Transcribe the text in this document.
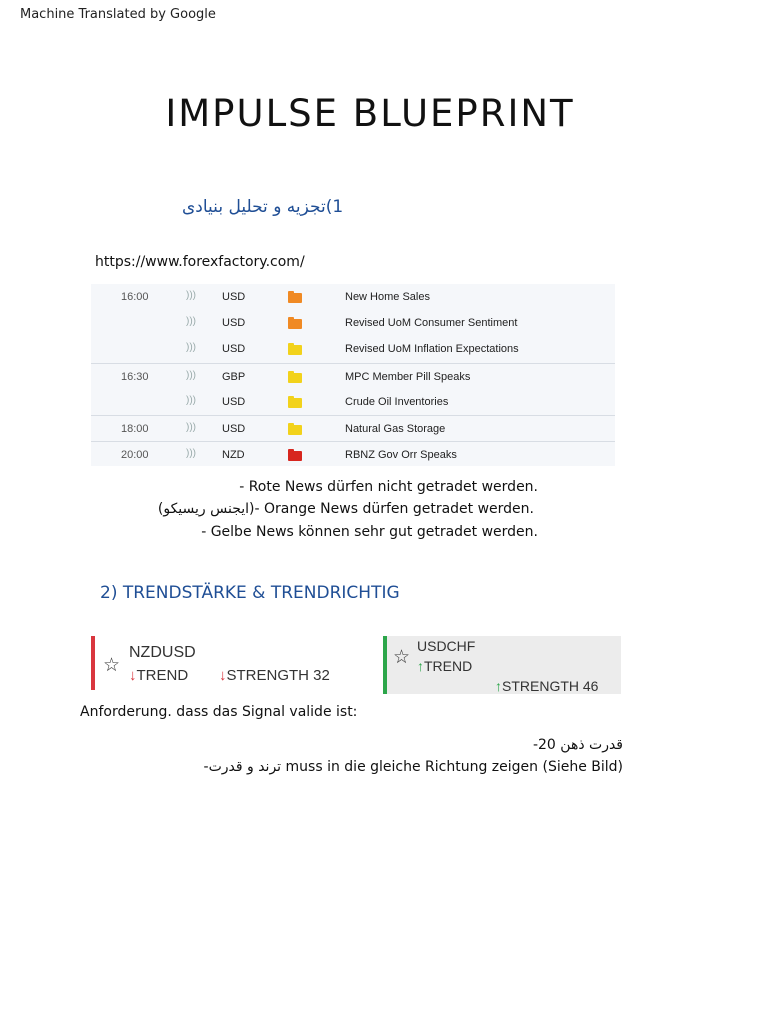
Machine Translated by Google
IMPULSE BLUEPRINT
1)تجزیه و تحلیل بنیادی
https://www.forexfactory.com/
16:00	))) USD	New Home Sales
))) USD	Revised UoM Consumer Sentiment
))) USD	Revised UoM Inflation Expectations
16:30	))) GBP	MPC Member Pill Speaks
))) USD	Crude Oil Inventories
18:00	))) USD	Natural Gas Storage
20:00	))) NZD	RBNZ Gov Orr Speaks
- Rote News dürfen nicht getradet werden.
(ایجنس ریسیکو)- Orange News dürfen getradet werden.
- Gelbe News können sehr gut getradet werden.
2) TRENDSTÄRKE & TRENDRICHTIG
☆
NZDUSD
↓TREND ↓STRENGTH 32
☆
USDCHF
↑TREND
↑STRENGTH 46
Anforderung. dass das Signal valide ist:
-قدرت ذهن 20
-ترند و قدرت muss in die gleiche Richtung zeigen (Siehe Bild)
